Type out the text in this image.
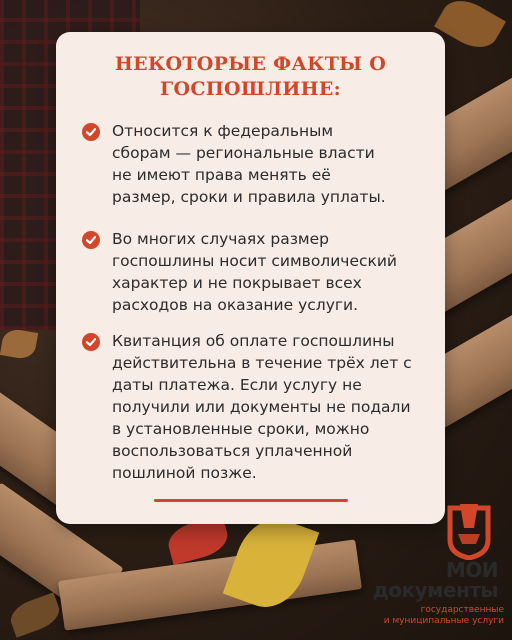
НЕКОТОРЫЕ ФАКТЫ О
ГОСПОШЛИНЕ:
Относится к федеральным
сборам — региональные власти
не имеют права менять её
размер, сроки и правила уплаты.
Во многих случаях размер
госпошлины носит символический
характер и не покрывает всех
расходов на оказание услуги.
Квитанция об оплате госпошлины
действительна в течение трёх лет с
даты платежа. Если услугу не
получили или документы не подали
в установленные сроки, можно
воспользоваться уплаченной
пошлиной позже.
МОИ
документы
государственные
и муниципальные услуги
